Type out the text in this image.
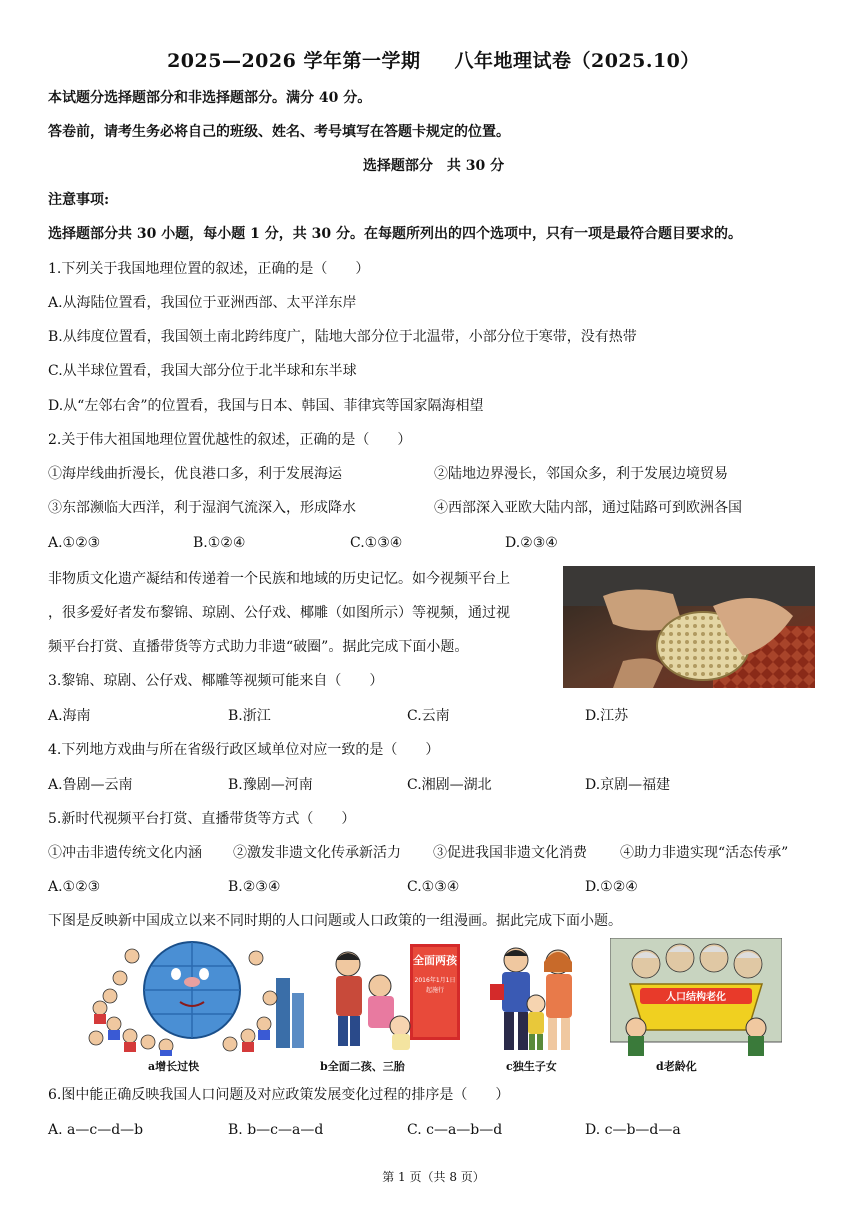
2025—2026 学年第一学期 八年地理试卷（2025.10）
本试题分选择题部分和非选择题部分。满分 40 分。
答卷前，请考生务必将自己的班级、姓名、考号填写在答题卡规定的位置。
选择题部分　共 30 分
注意事项:
选择题部分共 30 小题，每小题 1 分，共 30 分。在每题所列出的四个选项中，只有一项是最符合题目要求的。
1.下列关于我国地理位置的叙述，正确的是（　　）
A.从海陆位置看，我国位于亚洲西部、太平洋东岸
B.从纬度位置看，我国领土南北跨纬度广，陆地大部分位于北温带，小部分位于寒带，没有热带
C.从半球位置看，我国大部分位于北半球和东半球
D.从“左邻右舍”的位置看，我国与日本、韩国、菲律宾等国家隔海相望
2.关于伟大祖国地理位置优越性的叙述，正确的是（　　）
①海岸线曲折漫长，优良港口多，利于发展海运	②陆地边界漫长，邻国众多，利于发展边境贸易
③东部濒临大西洋，利于湿润气流深入，形成降水	④西部深入亚欧大陆内部，通过陆路可到欧洲各国
A.①②③	B.①②④	C.①③④	D.②③④
非物质文化遗产凝结和传递着一个民族和地域的历史记忆。如今视频平台上
，很多爱好者发布黎锦、琼剧、公仔戏、椰雕（如图所示）等视频，通过视
频平台打赏、直播带货等方式助力非遗“破圈”。据此完成下面小题。
3.黎锦、琼剧、公仔戏、椰雕等视频可能来自（　　）
A.海南	B.浙江	C.云南	D.江苏
4.下列地方戏曲与所在省级行政区域单位对应一致的是（　　）
A.鲁剧—云南	B.豫剧—河南	C.湘剧—湖北	D.京剧—福建
5.新时代视频平台打赏、直播带货等方式（　　）
①冲击非遗传统文化内涵 ②激发非遗文化传承新活力 ③促进我国非遗文化消费 ④助力非遗实现“活态传承”
A.①②③	B.②③④	C.①③④	D.①②④
下图是反映新中国成立以来不同时期的人口问题或人口政策的一组漫画。据此完成下面小题。
a增长过快
全面两孩
2016年1月1日
起施行
b全面二孩、三胎	c独生子女
人口结构老化
d老龄化
6.图中能正确反映我国人口问题及对应政策发展变化过程的排序是（　　）
A. a—c—d—b	B. b—c—a—d	C. c—a—b—d	D. c—b—d—a
第 1 页（共 8 页）
